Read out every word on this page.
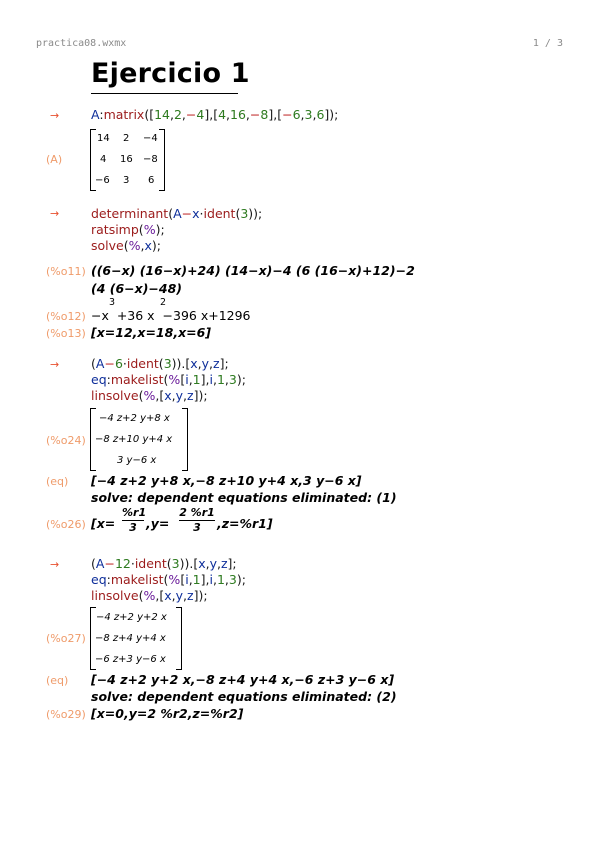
practica08.wxmx	1 / 3
Ejercicio 1
→	A:matrix([14,2,−4],[4,16,−8],[−6,3,6]);
(A)
14 2 −4
4 16 −8
−6 3 6
→	determinant(A−x·ident(3));
ratsimp(%);
solve(%,x);
(%o11) ((6−x) (16−x)+24) (14−x)−4 (6 (16−x)+12)−2
(4 (6−x)−48)
(%o12) −x  +36 x  −396 x+1296
3	2
(%o13) [x=12,x=18,x=6]
→	(A−6·ident(3)).[x,y,z];
eq:makelist(%[i,1],i,1,3);
linsolve(%,[x,y,z]);
(%o24)
−4 z+2 y+8 x
−8 z+10 y+4 x
3 y−6 x
(eq) [−4 z+2 y+8 x,−8 z+10 y+4 x,3 y−6 x]
solve: dependent equations eliminated: (1)
(%o26) $[x= \frac{\%r1}{3} ,y= \frac{2 \%r1}{3} ,z=\%r1]$
→	(A−12·ident(3)).[x,y,z];
eq:makelist(%[i,1],i,1,3);
linsolve(%,[x,y,z]);
(%o27)
−4 z+2 y+2 x
−8 z+4 y+4 x
−6 z+3 y−6 x
(eq) [−4 z+2 y+2 x,−8 z+4 y+4 x,−6 z+3 y−6 x]
solve: dependent equations eliminated: (2)
(%o29) [x=0,y=2 %r2,z=%r2]
